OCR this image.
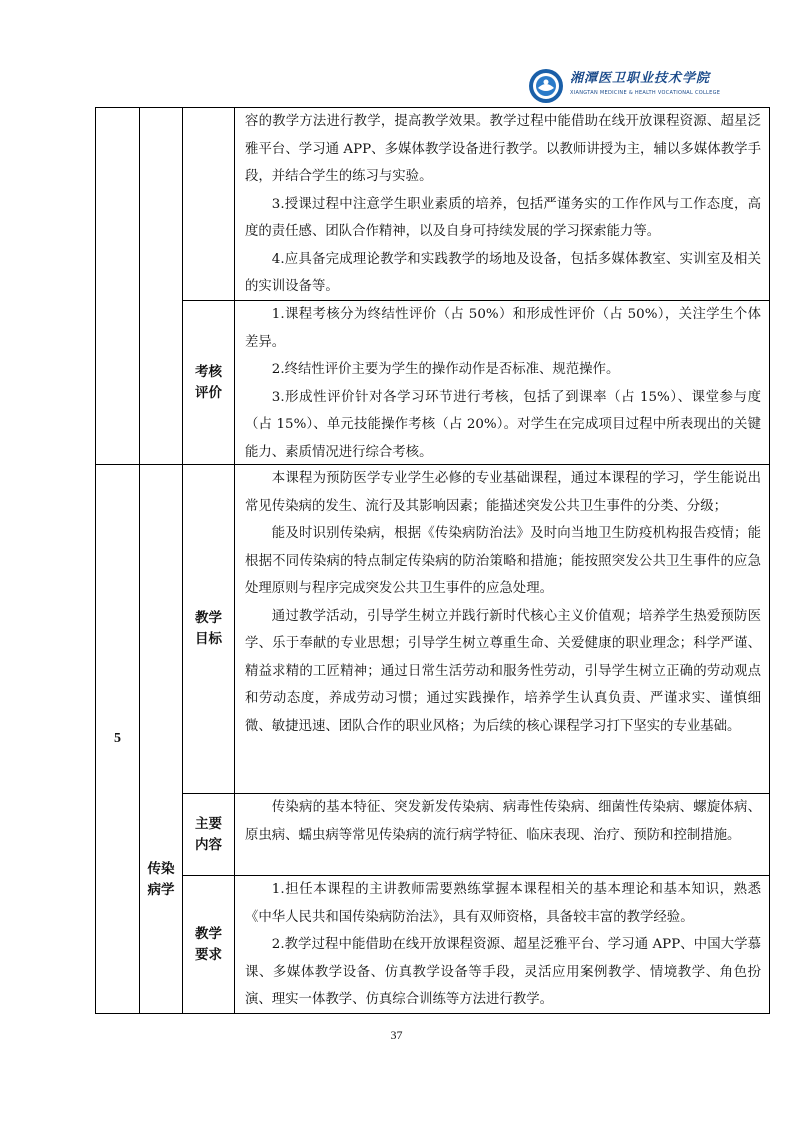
湘潭医卫职业技术学院
XIANGTAN MEDICINE & HEALTH VOCATIONAL COLLEGE

容的教学方法进行教学，提高教学效果。教学过程中能借助在线开放课程资源、超星泛雅平台、学习通 APP、多媒体教学设备进行教学。以教师讲授为主，辅以多媒体教学手段，并结合学生的练习与实验。

3.授课过程中注意学生职业素质的培养，包括严谨务实的工作作风与工作态度，高度的责任感、团队合作精神，以及自身可持续发展的学习探索能力等。

4.应具备完成理论教学和实践教学的场地及设备，包括多媒体教室、实训室及相关的实训设备等。

考核评价

1.课程考核分为终结性评价（占 50%）和形成性评价（占 50%），关注学生个体差异。

2.终结性评价主要为学生的操作动作是否标准、规范操作。

3.形成性评价针对各学习环节进行考核，包括了到课率（占 15%）、课堂参与度（占 15%）、单元技能操作考核（占 20%）。对学生在完成项目过程中所表现出的关键能力、素质情况进行综合考核。

5
传染病学
教学目标

本课程为预防医学专业学生必修的专业基础课程，通过本课程的学习，学生能说出常见传染病的发生、流行及其影响因素；能描述突发公共卫生事件的分类、分级；

能及时识别传染病，根据《传染病防治法》及时向当地卫生防疫机构报告疫情；能根据不同传染病的特点制定传染病的防治策略和措施；能按照突发公共卫生事件的应急处理原则与程序完成突发公共卫生事件的应急处理。

通过教学活动，引导学生树立并践行新时代核心主义价值观；培养学生热爱预防医学、乐于奉献的专业思想；引导学生树立尊重生命、关爱健康的职业理念；科学严谨、精益求精的工匠精神；通过日常生活劳动和服务性劳动，引导学生树立正确的劳动观点和劳动态度，养成劳动习惯；通过实践操作，培养学生认真负责、严谨求实、谨慎细微、敏捷迅速、团队合作的职业风格；为后续的核心课程学习打下坚实的专业基础。

主要内容

传染病的基本特征、突发新发传染病、病毒性传染病、细菌性传染病、螺旋体病、原虫病、蠕虫病等常见传染病的流行病学特征、临床表现、治疗、预防和控制措施。

教学要求

1.担任本课程的主讲教师需要熟练掌握本课程相关的基本理论和基本知识，熟悉《中华人民共和国传染病防治法》，具有双师资格，具备较丰富的教学经验。

2.教学过程中能借助在线开放课程资源、超星泛雅平台、学习通 APP、中国大学慕课、多媒体教学设备、仿真教学设备等手段，灵活应用案例教学、情境教学、角色扮演、理实一体教学、仿真综合训练等方法进行教学。

37
